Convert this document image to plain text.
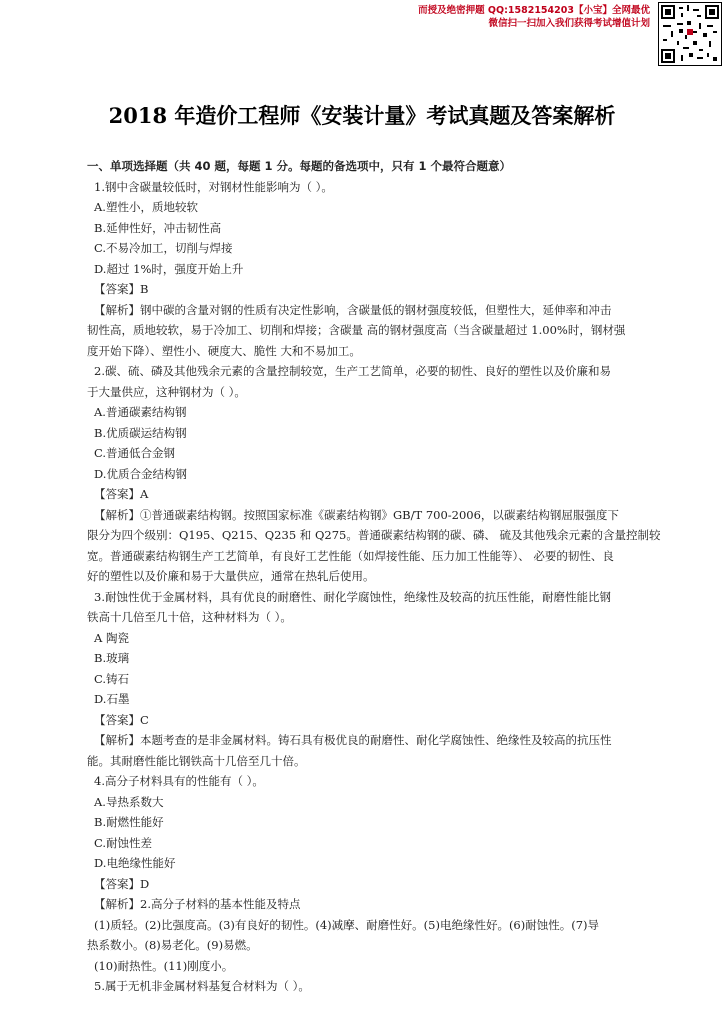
而授及绝密押题 QQ:1582154203【小宝】全网最优
微信扫一扫加入我们获得考试增值计划
2018 年造价工程师《安装计量》考试真题及答案解析
一、单项选择题（共 40 题，每题 1 分。每题的备选项中，只有 1 个最符合题意）
1.钢中含碳量较低时，对钢材性能影响为（ ）。
A.塑性小，质地较软
B.延伸性好，冲击韧性高
C.不易冷加工，切削与焊接
D.超过 1%时，强度开始上升
【答案】B
【解析】钢中碳的含量对钢的性质有决定性影响，含碳量低的钢材强度较低，但塑性大，延伸率和冲击
韧性高，质地较软，易于冷加工、切削和焊接；含碳量 高的钢材强度高（当含碳量超过 1.00%时，钢材强
度开始下降）、塑性小、硬度大、脆性 大和不易加工。
2.碳、硫、磷及其他残余元素的含量控制较宽，生产工艺简单，必要的韧性、良好的塑性以及价廉和易
于大量供应，这种钢材为（ ）。
A.普通碳素结构钢
B.优质碳运结构钢
C.普通低合金钢
D.优质合金结构钢
【答案】A
【解析】①普通碳素结构钢。按照国家标准《碳素结构钢》GB/T 700-2006，以碳素结构钢屈服强度下
限分为四个级别：Q195、Q215、Q235 和 Q275。普通碳素结构钢的碳、磷、 硫及其他残余元素的含量控制较
宽。普通碳素结构钢生产工艺简单，有良好工艺性能（如焊接性能、压力加工性能等）、 必要的韧性、良
好的塑性以及价廉和易于大量供应，通常在热轧后使用。
3.耐蚀性优于金属材料，具有优良的耐磨性、耐化学腐蚀性，绝缘性及较高的抗压性能，耐磨性能比钢
铁高十几倍至几十倍，这种材料为（ ）。
A 陶瓷
B.玻璃
C.铸石
D.石墨
【答案】C
【解析】本题考查的是非金属材料。铸石具有极优良的耐磨性、耐化学腐蚀性、绝缘性及较高的抗压性
能。其耐磨性能比钢铁高十几倍至几十倍。
4.高分子材料具有的性能有（ ）。
A.导热系数大
B.耐燃性能好
C.耐蚀性差
D.电绝缘性能好
【答案】D
【解析】2.高分子材料的基本性能及特点
(1)质轻。(2)比强度高。(3)有良好的韧性。(4)减摩、耐磨性好。(5)电绝缘性好。(6)耐蚀性。(7)导
热系数小。(8)易老化。(9)易燃。
(10)耐热性。(11)刚度小。
5.属于无机非金属材料基复合材料为（ ）。
